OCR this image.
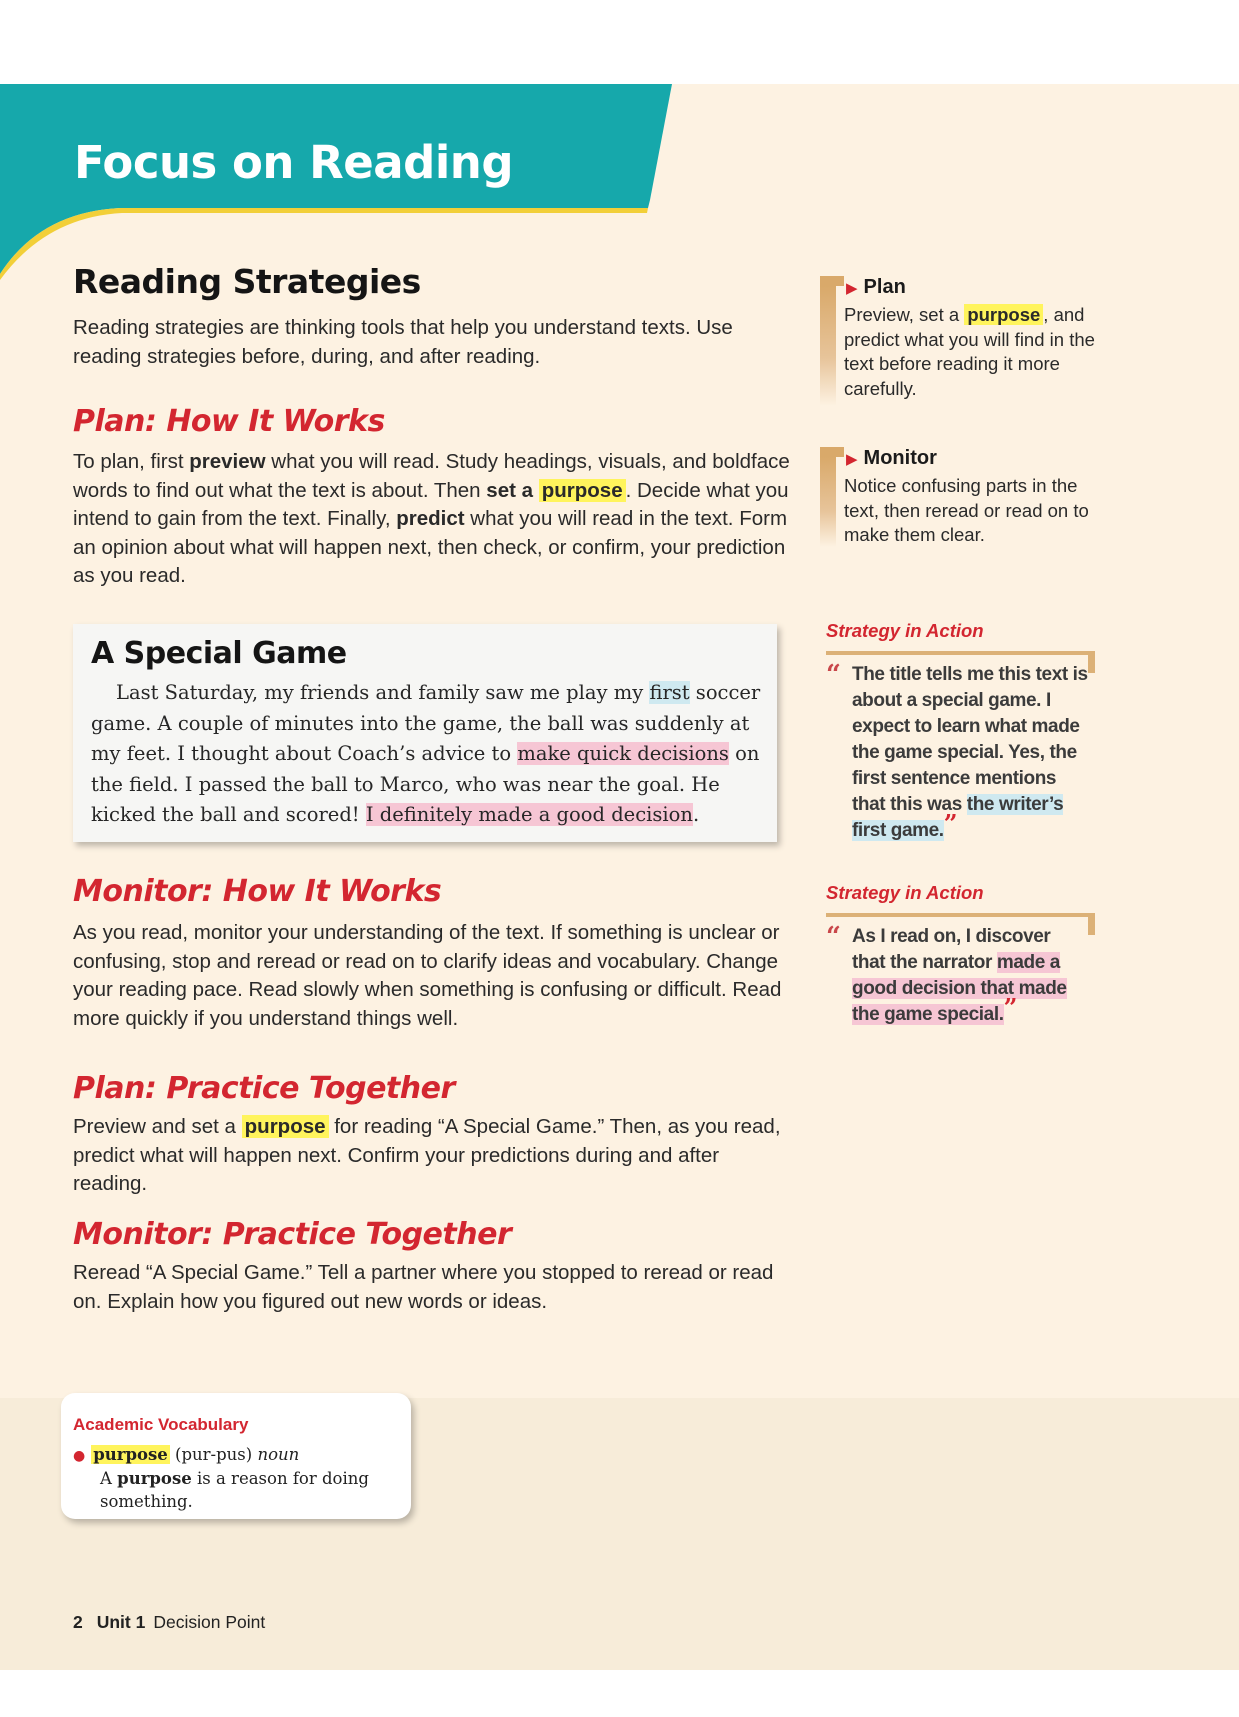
Focus on Reading
Reading Strategies

Reading strategies are thinking tools that help you understand texts. Use reading strategies before, during, and after reading.

Plan: How It Works

To plan, first preview what you will read. Study headings, visuals, and boldface words to find out what the text is about. Then set a purpose . Decide what you intend to gain from the text. Finally, predict what you will read in the text. Form an opinion about what will happen next, then check, or confirm, your prediction as you read.

A Special Game

Last Saturday, my friends and family saw me play my first soccer game. A couple of minutes into the game, the ball was suddenly at my feet. I thought about Coach’s advice to make quick decisions on the field. I passed the ball to Marco, who was near the goal. He kicked the ball and scored! I definitely made a good decision.

Monitor: How It Works

As you read, monitor your understanding of the text. If something is unclear or confusing, stop and reread or read on to clarify ideas and vocabulary. Change your reading pace. Read slowly when something is confusing or difficult. Read more quickly if you understand things well.

Plan: Practice Together

Preview and set a purpose for reading “A Special Game.” Then, as you read, predict what will happen next. Confirm your predictions during and after reading.

Monitor: Practice Together

Reread “A Special Game.” Tell a partner where you stopped to reread or read on. Explain how you figured out new words or ideas.

▶ Plan

Preview, set a purpose , and predict what you will find in the text before reading it more carefully.

▶ Monitor

Notice confusing parts in the text, then reread or read on to make them clear.

Strategy in Action

“ The title tells me this text is about a special game. I expect to learn what made the game special. Yes, the first sentence mentions that this was the writer’s first game.”

Strategy in Action

“ As I read on, I discover that the narrator made a good decision that made the game special.”

Academic Vocabulary

● purpose (pur-pus) noun

A purpose is a reason for doing something.

2 Unit 1 Decision Point
